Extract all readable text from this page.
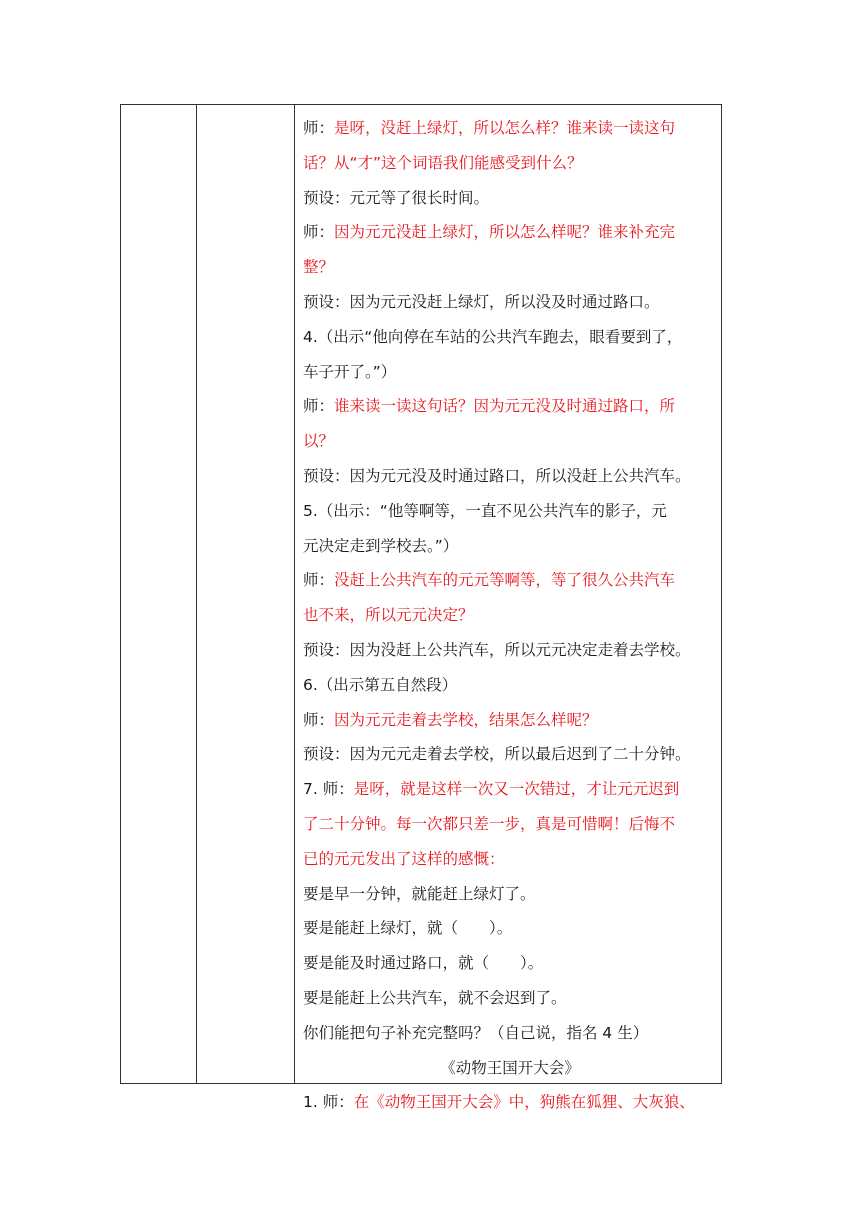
师：是呀，没赶上绿灯，所以怎么样？谁来读一读这句
话？从“才”这个词语我们能感受到什么？
预设：元元等了很长时间。
师：因为元元没赶上绿灯，所以怎么样呢？谁来补充完
整？
预设：因为元元没赶上绿灯，所以没及时通过路口。
4.（出示“他向停在车站的公共汽车跑去，眼看要到了，
车子开了。”）
师：谁来读一读这句话？因为元元没及时通过路口，所
以？
预设：因为元元没及时通过路口，所以没赶上公共汽车。
5.（出示：“他等啊等，一直不见公共汽车的影子，元
元决定走到学校去。”）
师：没赶上公共汽车的元元等啊等，等了很久公共汽车
也不来，所以元元决定？
预设：因为没赶上公共汽车，所以元元决定走着去学校。
6.（出示第五自然段）
师：因为元元走着去学校，结果怎么样呢？
预设：因为元元走着去学校，所以最后迟到了二十分钟。
7. 师：是呀，就是这样一次又一次错过，才让元元迟到
了二十分钟。每一次都只差一步，真是可惜啊！后悔不
已的元元发出了这样的感慨：
要是早一分钟，就能赶上绿灯了。
要是能赶上绿灯，就（　　）。
要是能及时通过路口，就（　　）。
要是能赶上公共汽车，就不会迟到了。
你们能把句子补充完整吗？（自己说，指名 4 生）
《动物王国开大会》
1. 师：在《动物王国开大会》中，狗熊在狐狸、大灰狼、
